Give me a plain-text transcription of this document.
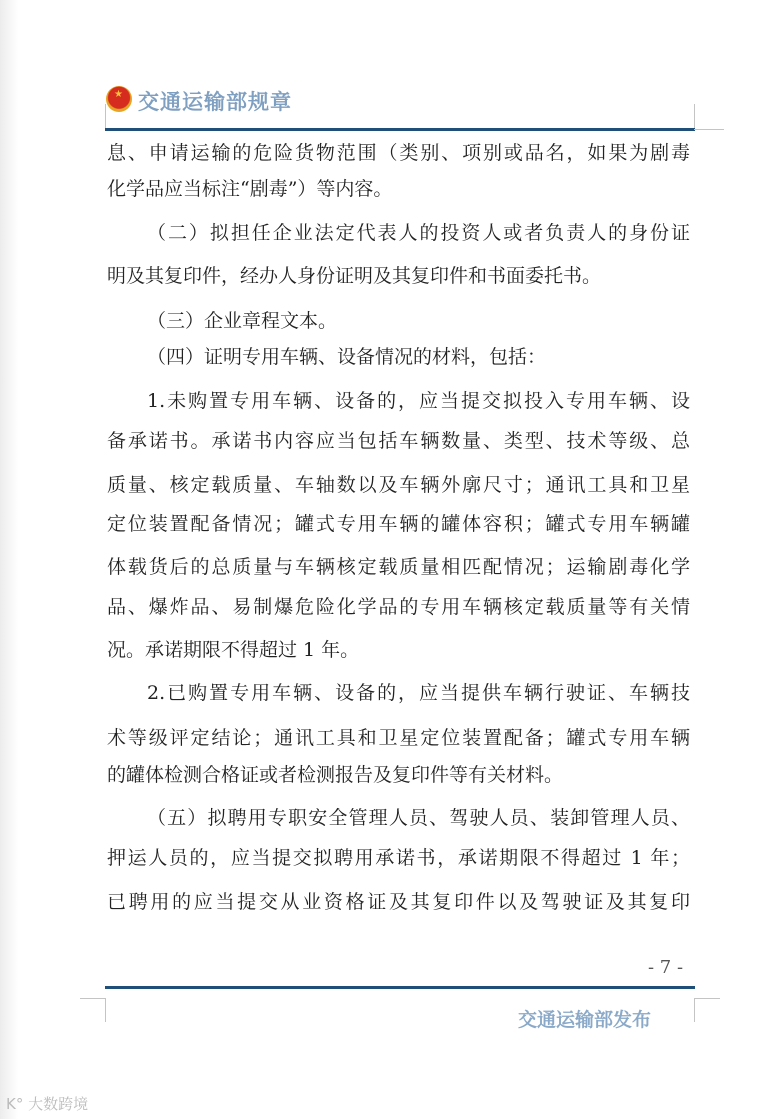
★
交通运输部规章
息、申请运输的危险货物范围（类别、项别或品名，如果为剧毒
化学品应当标注“剧毒”）等内容。
（二）拟担任企业法定代表人的投资人或者负责人的身份证
明及其复印件，经办人身份证明及其复印件和书面委托书。
（三）企业章程文本。
（四）证明专用车辆、设备情况的材料，包括：
1.未购置专用车辆、设备的，应当提交拟投入专用车辆、设
备承诺书。承诺书内容应当包括车辆数量、类型、技术等级、总
质量、核定载质量、车轴数以及车辆外廓尺寸；通讯工具和卫星
定位装置配备情况；罐式专用车辆的罐体容积；罐式专用车辆罐
体载货后的总质量与车辆核定载质量相匹配情况；运输剧毒化学
品、爆炸品、易制爆危险化学品的专用车辆核定载质量等有关情
况。承诺期限不得超过 1 年。
2.已购置专用车辆、设备的，应当提供车辆行驶证、车辆技
术等级评定结论；通讯工具和卫星定位装置配备；罐式专用车辆
的罐体检测合格证或者检测报告及复印件等有关材料。
（五）拟聘用专职安全管理人员、驾驶人员、装卸管理人员、
押运人员的，应当提交拟聘用承诺书，承诺期限不得超过 1 年；
已聘用的应当提交从业资格证及其复印件以及驾驶证及其复印
- 7 -
交通运输部发布
K° 大数跨境
